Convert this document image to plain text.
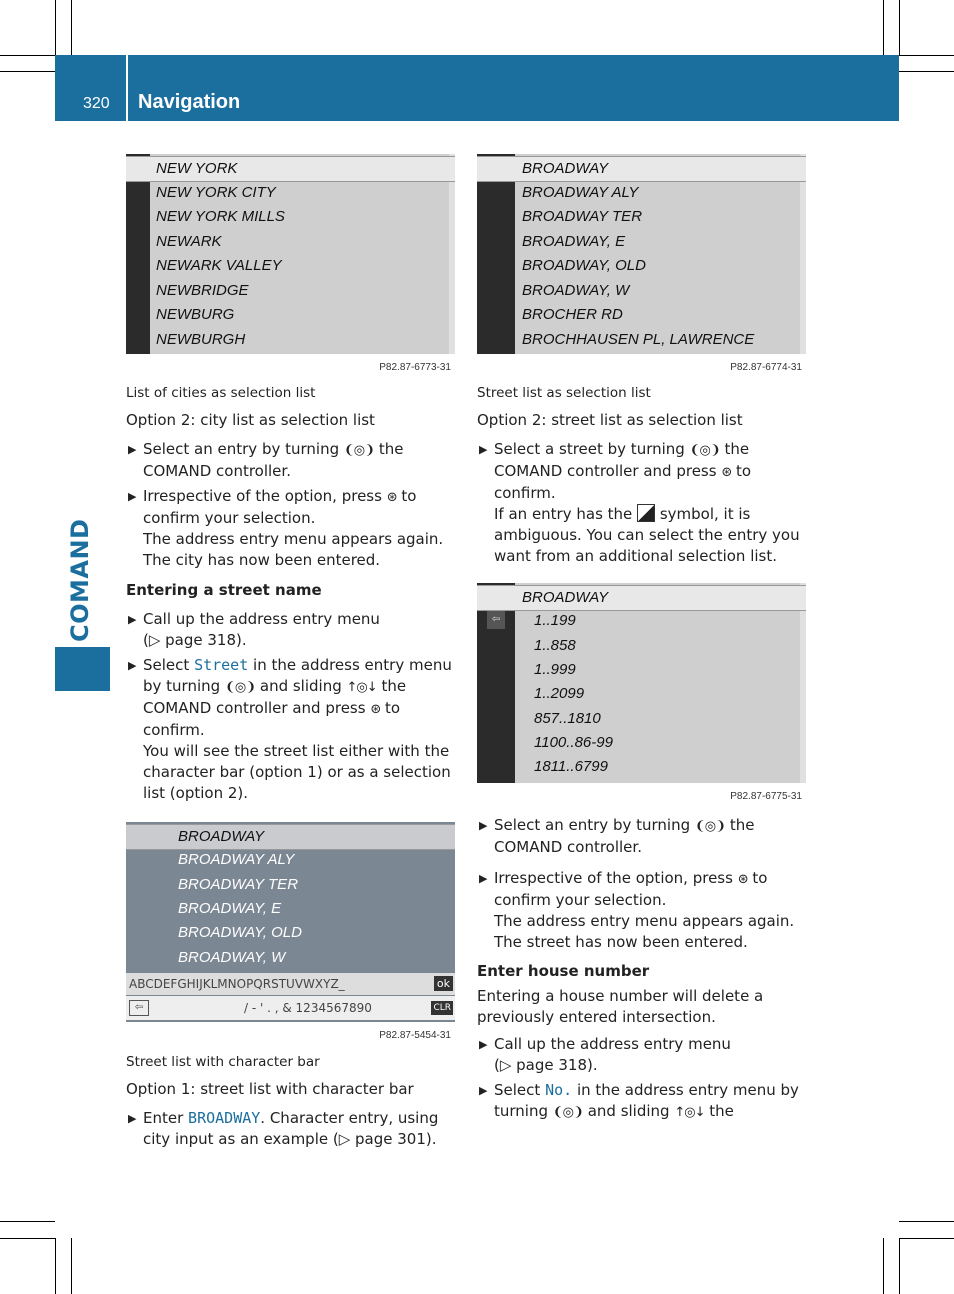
320 Navigation
COMAND
NEW YORK
NEW YORK CITY
NEW YORK MILLS
NEWARK
NEWARK VALLEY
NEWBRIDGE
NEWBURG
NEWBURGH
P82.87-6773-31
BROADWAY
BROADWAY ALY
BROADWAY TER
BROADWAY, E
BROADWAY, OLD
BROADWAY, W
BROCHER RD
BROCHHAUSEN PL, LAWRENCE
P82.87-6774-31
BROADWAY
BROADWAY ALY
BROADWAY TER
BROADWAY, E
BROADWAY, OLD
BROADWAY, W
ABCDEFGHIJKLMNOPQRSTUVWXYZ_	ok
⇦	/ - ' . , & 1234567890	CLR
P82.87-5454-31
⇦
BROADWAY
1..199
1..858
1..999
1..2099
857..1810
1100..86-99
1811..6799
P82.87-6775-31
List of cities as selection list

Option 2: city list as selection list

▶ Select an entry by turning ❨◎❩ the COMAND controller.
▶ Irrespective of the option, press ⊛ to confirm your selection.
The address entry menu appears again. The city has now been entered.
Entering a street name
▶ Call up the address entry menu
(▷ page 318).
▶ Select Street in the address entry menu by turning ❨◎❩ and sliding ↑◎↓ the COMAND controller and press ⊛ to confirm.
You will see the street list either with the character bar (option 1) or as a selection list (option 2).
Street list with character bar

Option 1: street list with character bar

▶ Enter BROADWAY. Character entry, using city input as an example (▷ page 301).
Street list as selection list

Option 2: street list as selection list

▶ Select a street by turning ❨◎❩ the COMAND controller and press ⊛ to confirm.
If an entry has the symbol, it is ambiguous. You can select the entry you want from an additional selection list.
▶ Select an entry by turning ❨◎❩ the COMAND controller.
▶ Irrespective of the option, press ⊛ to confirm your selection.
The address entry menu appears again. The street has now been entered.
Enter house number

Entering a house number will delete a previously entered intersection.

▶ Call up the address entry menu
(▷ page 318).
▶ Select No. in the address entry menu by turning ❨◎❩ and sliding ↑◎↓ the
